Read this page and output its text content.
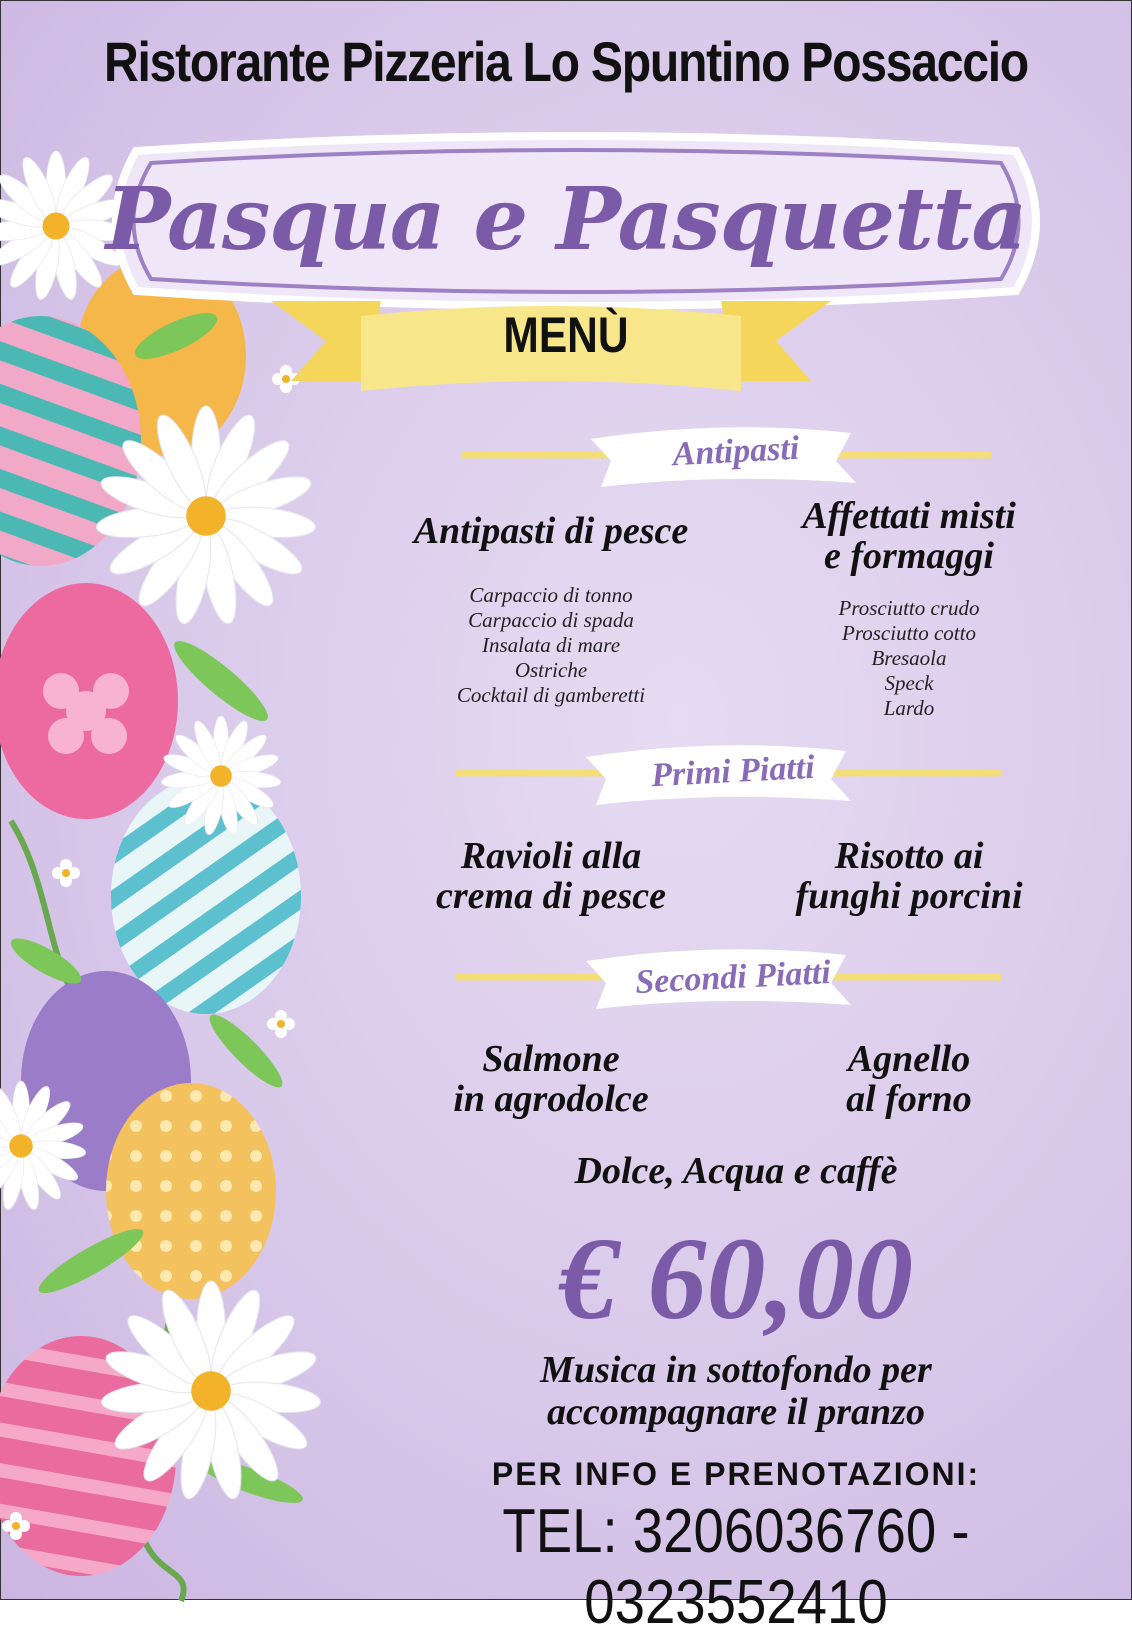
Ristorante Pizzeria Lo Spuntino Possaccio
Pasqua e Pasquetta
MENÙ
Antipasti
Antipasti di pesce
Carpaccio di tonno
Carpaccio di spada
Insalata di mare
Ostriche
Cocktail di gamberetti
Affettati misti
e formaggi
Prosciutto crudo
Prosciutto cotto
Bresaola
Speck
Lardo
Primi Piatti
Ravioli alla
crema di pesce
Risotto ai
funghi porcini
Secondi Piatti
Salmone
in agrodolce
Agnello
al forno
Dolce, Acqua e caffè
€ 60,00
Musica in sottofondo per
accompagnare il pranzo
PER INFO E PRENOTAZIONI:
TEL: 3206036760 - 0323552410
